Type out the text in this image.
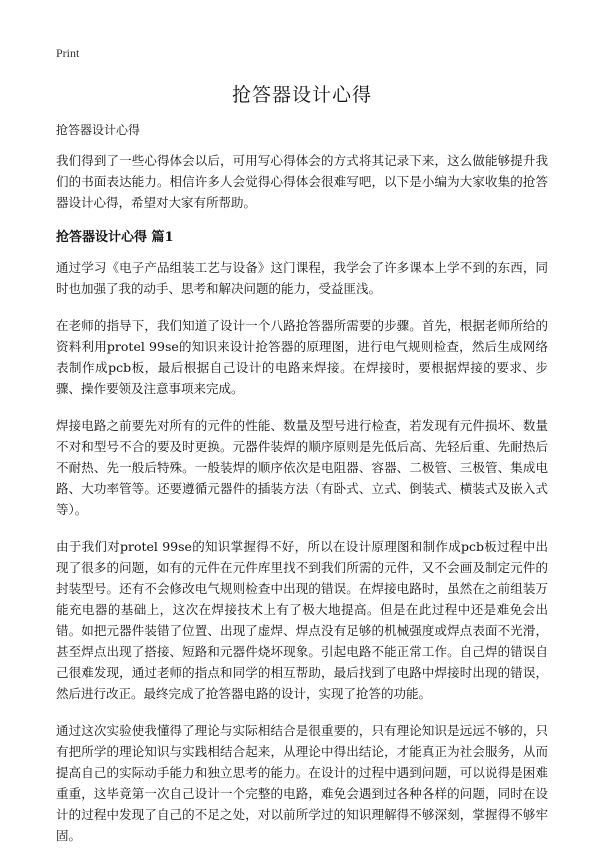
Print

抢答器设计心得

抢答器设计心得

我们得到了一些心得体会以后，可用写心得体会的方式将其记录下来，这么做能够提升我们的书面表达能力。相信许多人会觉得心得体会很难写吧，以下是小编为大家收集的抢答器设计心得，希望对大家有所帮助。

抢答器设计心得 篇1

通过学习《电子产品组装工艺与设备》这门课程，我学会了许多课本上学不到的东西，同时也加强了我的动手、思考和解决问题的能力，受益匪浅。

在老师的指导下，我们知道了设计一个八路抢答器所需要的步骤。首先，根据老师所给的资料利用protel 99se的知识来设计抢答器的原理图，进行电气规则检查，然后生成网络表制作成pcb板，最后根据自己设计的电路来焊接。在焊接时，要根据焊接的要求、步骤、操作要领及注意事项来完成。

焊接电路之前要先对所有的元件的性能、数量及型号进行检查，若发现有元件损坏、数量不对和型号不合的要及时更换。元器件装焊的顺序原则是先低后高、先轻后重、先耐热后不耐热、先一般后特殊。一般装焊的顺序依次是电阻器、容器、二极管、三极管、集成电路、大功率管等。还要遵循元器件的插装方法（有卧式、立式、倒装式、横装式及嵌入式等）。

由于我们对protel 99se的知识掌握得不好，所以在设计原理图和制作成pcb板过程中出现了很多的问题，如有的元件在元件库里找不到我们所需的元件，又不会画及制定元件的封装型号。还有不会修改电气规则检查中出现的错误。在焊接电路时，虽然在之前组装万能充电器的基础上，这次在焊接技术上有了极大地提高。但是在此过程中还是难免会出错。如把元器件装错了位置、出现了虚焊、焊点没有足够的机械强度或焊点表面不光滑，甚至焊点出现了搭接、短路和元器件烧坏现象。引起电路不能正常工作。自己焊的错误自己很难发现，通过老师的指点和同学的相互帮助，最后找到了电路中焊接时出现的错误，然后进行改正。最终完成了抢答器电路的设计，实现了抢答的功能。

通过这次实验使我懂得了理论与实际相结合是很重要的，只有理论知识是远远不够的，只有把所学的理论知识与实践相结合起来，从理论中得出结论，才能真正为社会服务，从而提高自己的实际动手能力和独立思考的能力。在设计的过程中遇到问题，可以说得是困难重重，这毕竟第一次自己设计一个完整的电路，难免会遇到过各种各样的问题，同时在设计的过程中发现了自己的不足之处，对以前所学过的知识理解得不够深刻，掌握得不够牢固。
